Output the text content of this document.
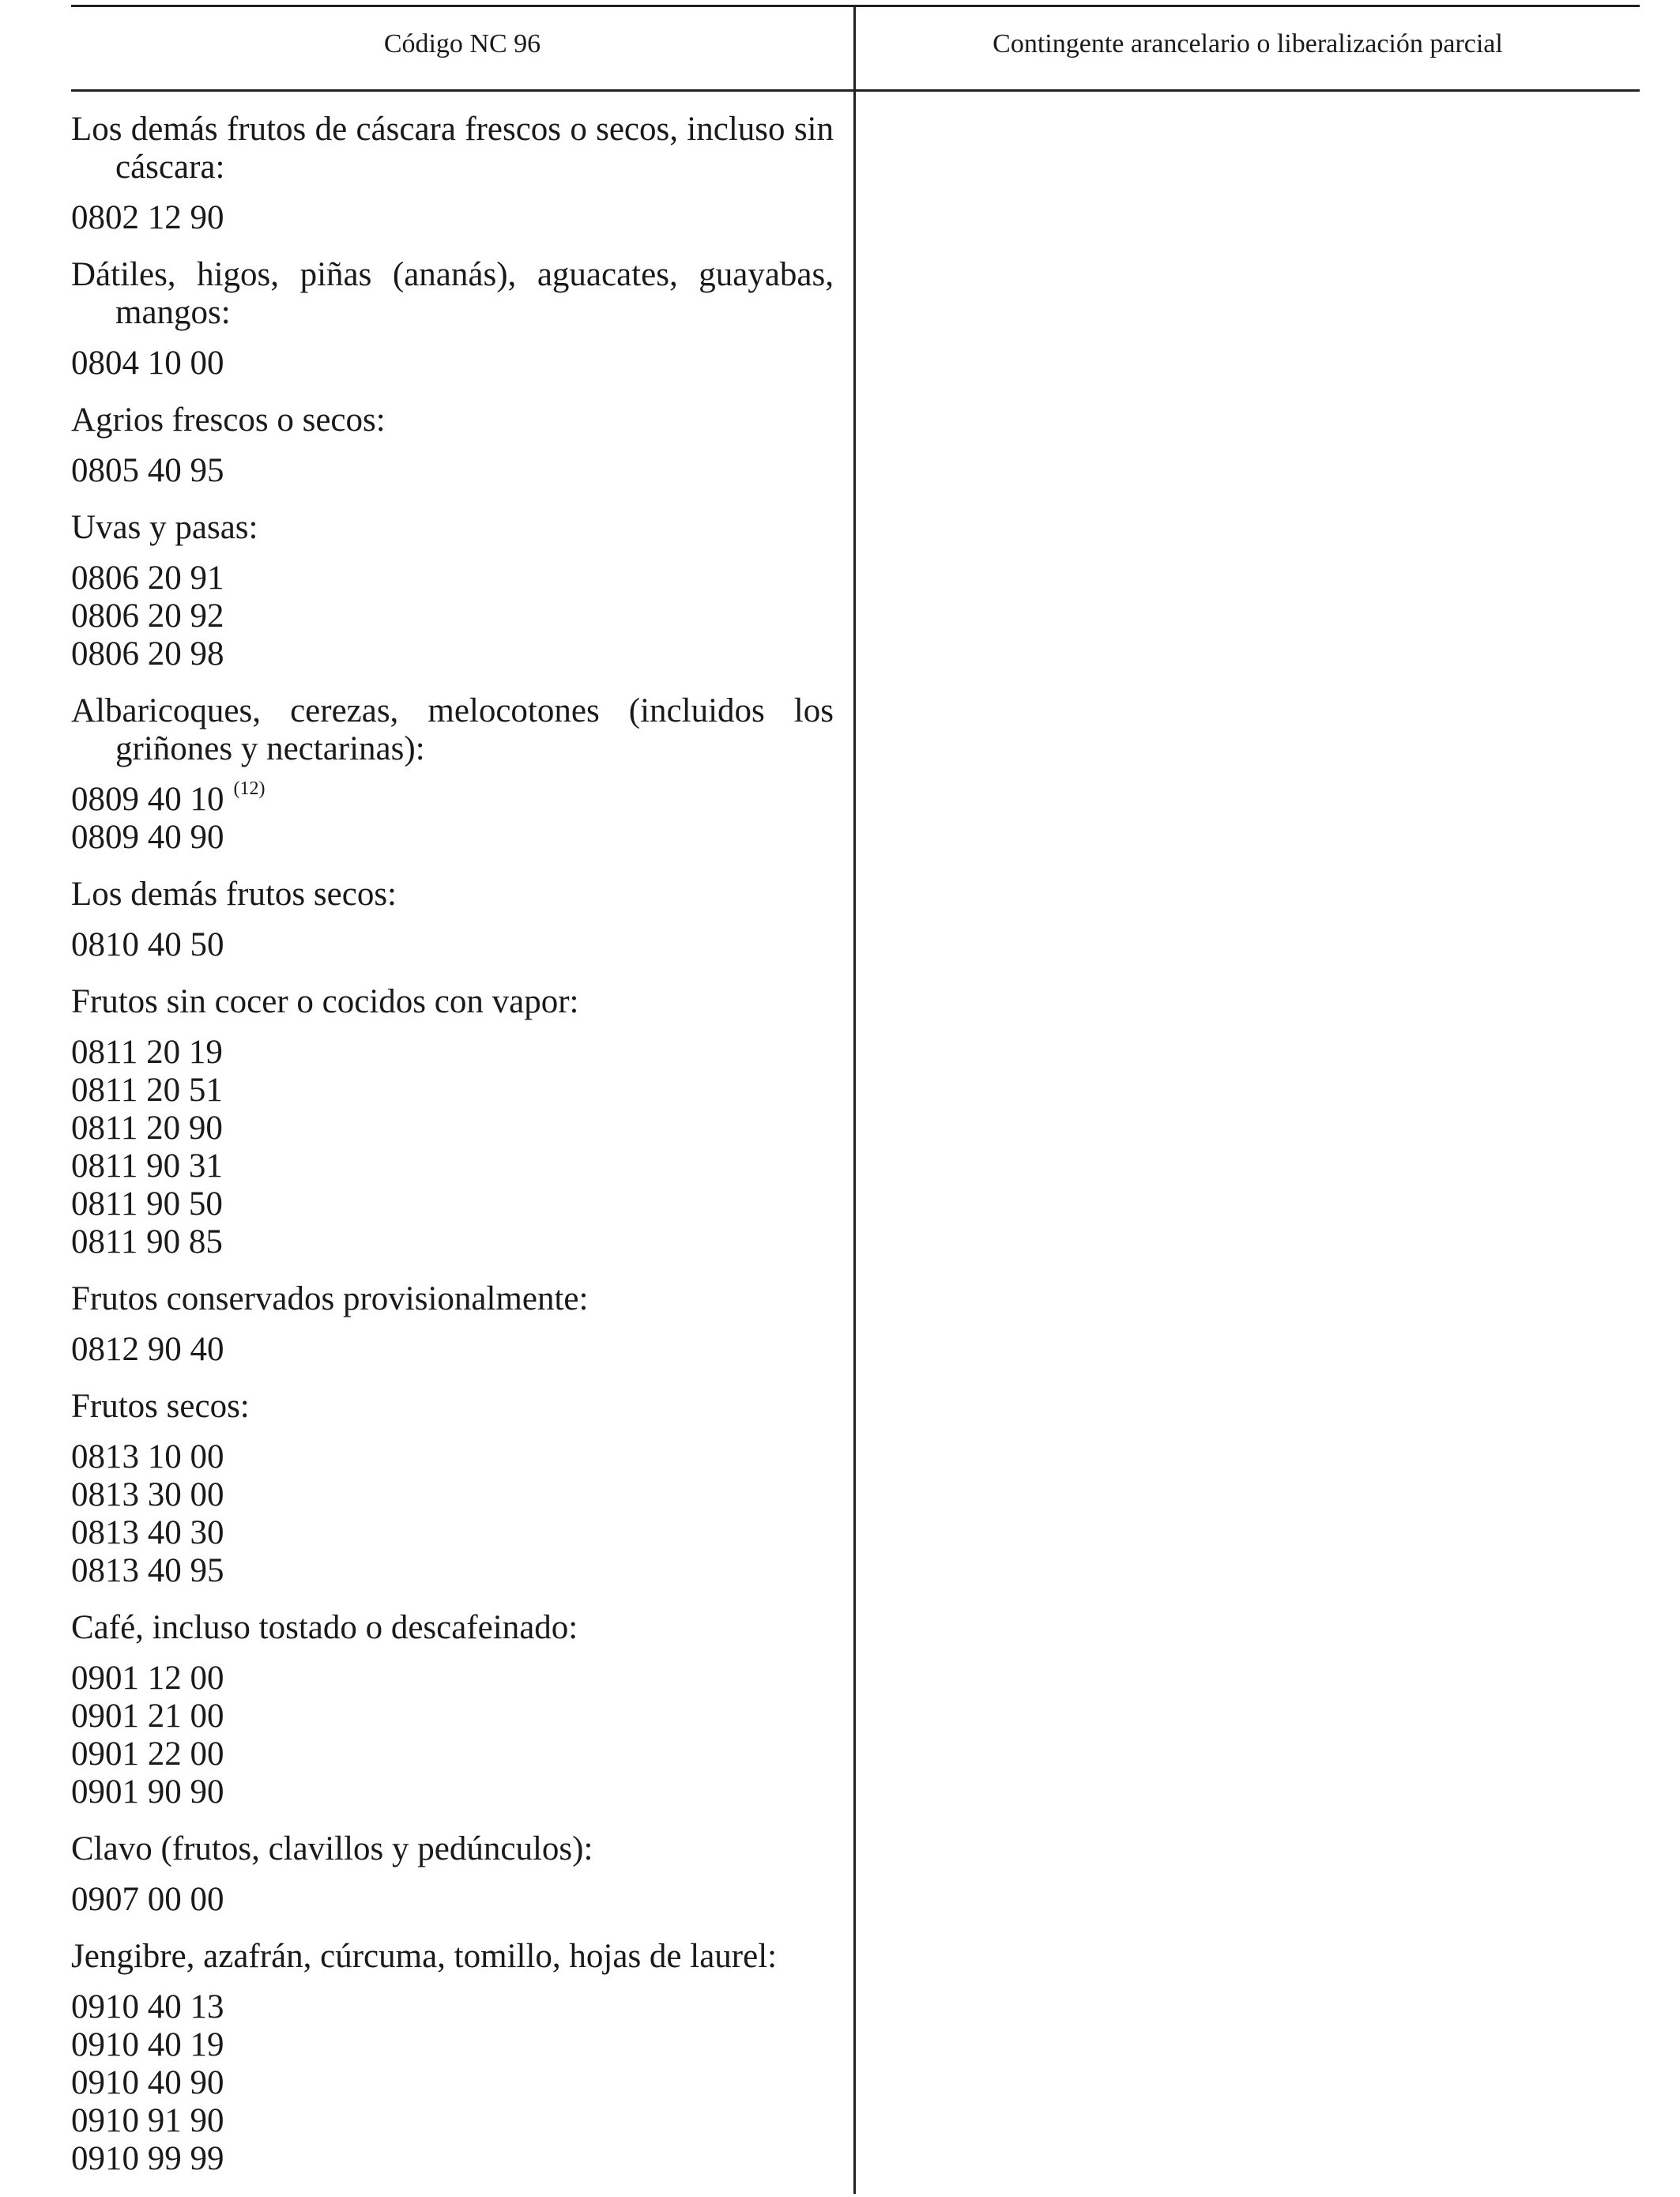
Código NC 96	Contingente arancelario o liberalización parcial
Los demás frutos de cáscara frescos o secos, incluso sin cáscara:
0802 12 90
Dátiles, higos, piñas (ananás), aguacates, guayabas, mangos:
0804 10 00
Agrios frescos o secos:
0805 40 95
Uvas y pasas:
0806 20 91
0806 20 92
0806 20 98
Albaricoques, cerezas, melocotones (incluidos los griñones y nectarinas):
0809 40 10 $^{(12)}$
0809 40 90
Los demás frutos secos:
0810 40 50
Frutos sin cocer o cocidos con vapor:
0811 20 19
0811 20 51
0811 20 90
0811 90 31
0811 90 50
0811 90 85
Frutos conservados provisionalmente:
0812 90 40
Frutos secos:
0813 10 00
0813 30 00
0813 40 30
0813 40 95
Café, incluso tostado o descafeinado:
0901 12 00
0901 21 00
0901 22 00
0901 90 90
Clavo (frutos, clavillos y pedúnculos):
0907 00 00
Jengibre, azafrán, cúrcuma, tomillo, hojas de laurel:
0910 40 13
0910 40 19
0910 40 90
0910 91 90
0910 99 99
